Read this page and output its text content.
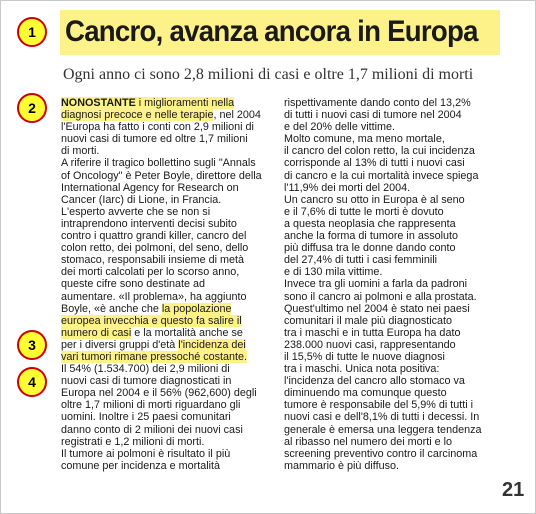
1
2
3
4
Cancro, avanza ancora in Europa
Ogni anno ci sono 2,8 milioni di casi e oltre 1,7 milioni di morti
NONOSTANTE i miglioramenti nella
diagnosi precoce e nelle terapie, nel 2004
l'Europa ha fatto i conti con 2,9 milioni di
nuovi casi di tumore ed oltre 1,7 milioni
di morti.
A riferire il tragico bollettino sugli "Annals
of Oncology" è Peter Boyle, direttore della
International Agency for Research on
Cancer (Iarc) di Lione, in Francia.
L'esperto avverte che se non si
intraprendono interventi decisi subito
contro i quattro grandi killer, cancro del
colon retto, dei polmoni, del seno, dello
stomaco, responsabili insieme di metà
dei morti calcolati per lo scorso anno,
queste cifre sono destinate ad
aumentare. «Il problema», ha aggiunto
Boyle, «è anche che la popolazione
europea invecchia e questo fa salire il
numero di casi e la mortalità anche se
per i diversi gruppi d'età l'incidenza dei
vari tumori rimane pressoché costante.
Il 54% (1.534.700) dei 2,9 milioni di
nuovi casi di tumore diagnosticati in
Europa nel 2004 e il 56% (962,600) degli
oltre 1,7 milioni di morti riguardano gli
uomini. Inoltre i 25 paesi comunitari
danno conto di 2 milioni dei nuovi casi
registrati e 1,2 milioni di morti.
Il tumore ai polmoni è risultato il più
comune per incidenza e mortalità
rispettivamente dando conto del 13,2%
di tutti i nuovi casi di tumore nel 2004
e del 20% delle vittime.
Molto comune, ma meno mortale,
il cancro del colon retto, la cui incidenza
corrisponde al 13% di tutti i nuovi casi
di cancro e la cui mortalità invece spiega
l'11,9% dei morti del 2004.
Un cancro su otto in Europa è al seno
e il 7,6% di tutte le morti è dovuto
a questa neoplasia che rappresenta
anche la forma di tumore in assoluto
più diffusa tra le donne dando conto
del 27,4% di tutti i casi femminili
e di 130 mila vittime.
Invece tra gli uomini a farla da padroni
sono il cancro ai polmoni e alla prostata.
Quest'ultimo nel 2004 è stato nei paesi
comunitari il male più diagnosticato
tra i maschi e in tutta Europa ha dato
238.000 nuovi casi, rappresentando
il 15,5% di tutte le nuove diagnosi
tra i maschi. Unica nota positiva:
l'incidenza del cancro allo stomaco va
diminuendo ma comunque questo
tumore è responsabile del 5,9% di tutti i
nuovi casi e dell'8,1% di tutti i decessi. In
generale è emersa una leggera tendenza
al ribasso nel numero dei morti e lo
screening preventivo contro il carcinoma
mammario è più diffuso.
21
